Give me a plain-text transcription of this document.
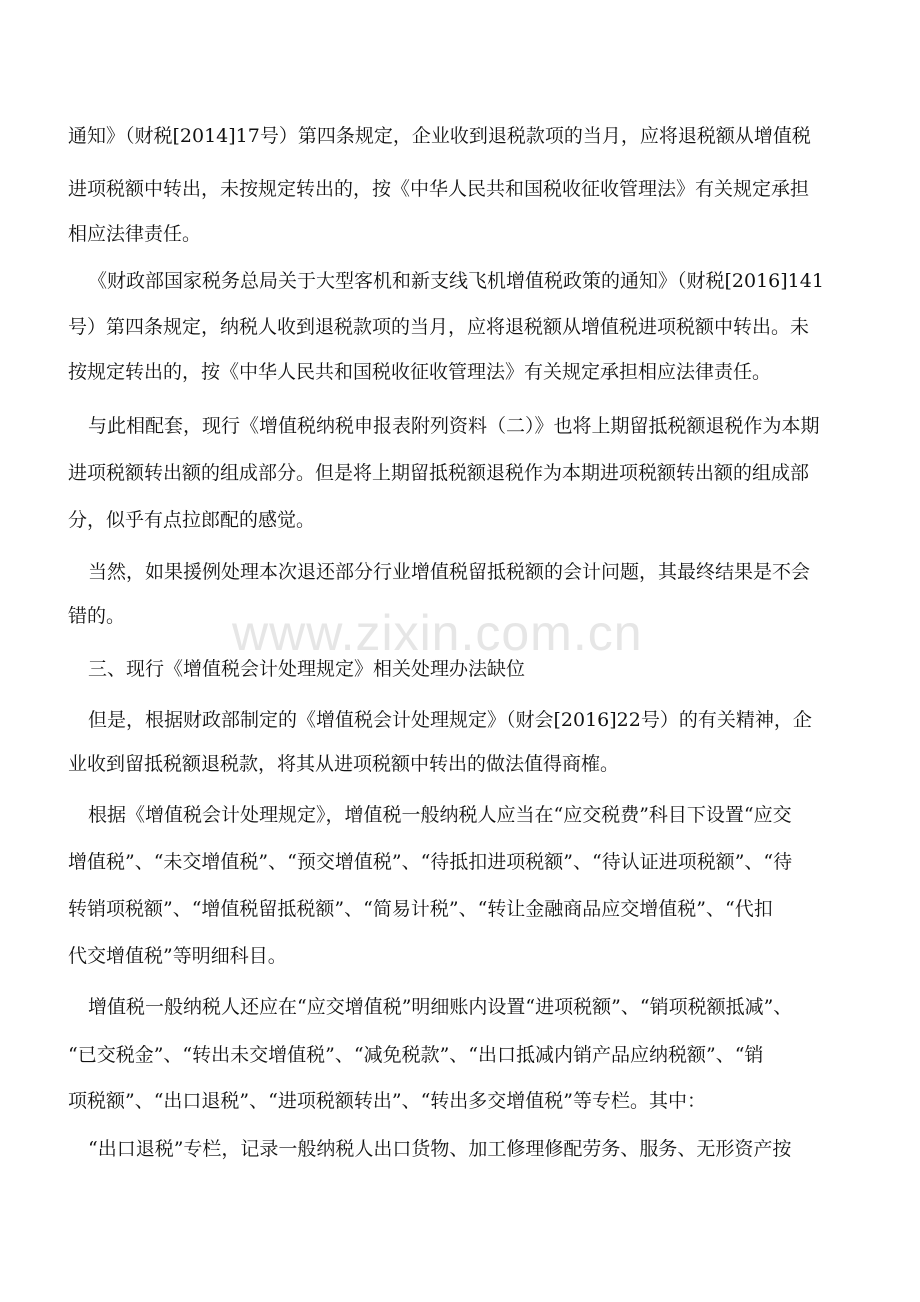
www.zixin.com.cn
通知》（财税[2014]17号）第四条规定，企业收到退税款项的当月，应将退税额从增值税
进项税额中转出，未按规定转出的，按《中华人民共和国税收征收管理法》有关规定承担
相应法律责任。
《财政部国家税务总局关于大型客机和新支线飞机增值税政策的通知》（财税[2016]141
号）第四条规定，纳税人收到退税款项的当月，应将退税额从增值税进项税额中转出。未
按规定转出的，按《中华人民共和国税收征收管理法》有关规定承担相应法律责任。
与此相配套，现行《增值税纳税申报表附列资料（二）》也将上期留抵税额退税作为本期
进项税额转出额的组成部分。但是将上期留抵税额退税作为本期进项税额转出额的组成部
分，似乎有点拉郎配的感觉。
当然，如果援例处理本次退还部分行业增值税留抵税额的会计问题，其最终结果是不会
错的。
三、现行《增值税会计处理规定》相关处理办法缺位
但是，根据财政部制定的《增值税会计处理规定》（财会[2016]22号）的有关精神，企
业收到留抵税额退税款，将其从进项税额中转出的做法值得商榷。
根据《增值税会计处理规定》，增值税一般纳税人应当在“应交税费”科目下设置“应交
增值税”、“未交增值税”、“预交增值税”、“待抵扣进项税额”、“待认证进项税额”、“待
转销项税额”、“增值税留抵税额”、“简易计税”、“转让金融商品应交增值税”、“代扣
代交增值税”等明细科目。
增值税一般纳税人还应在“应交增值税”明细账内设置“进项税额”、“销项税额抵减”、
“已交税金”、“转出未交增值税”、“减免税款”、“出口抵减内销产品应纳税额”、“销
项税额”、“出口退税”、“进项税额转出”、“转出多交增值税”等专栏。其中：
“出口退税”专栏，记录一般纳税人出口货物、加工修理修配劳务、服务、无形资产按
